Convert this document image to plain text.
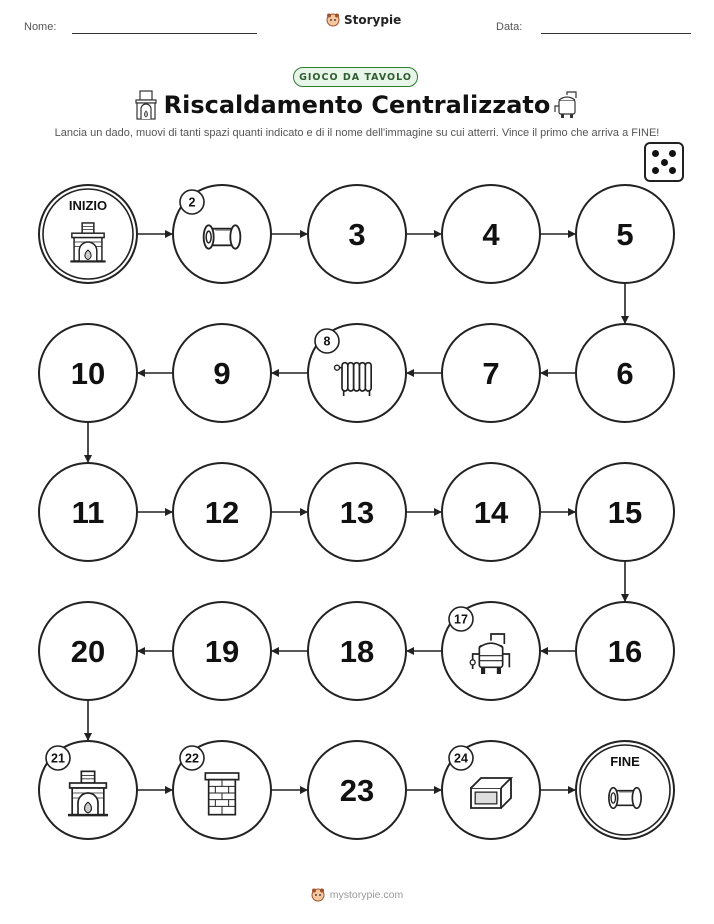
Nome:	Storypie	Data:
GIOCO DA TAVOLO
Riscaldamento Centralizzato
Lancia un dado, muovi di tanti spazi quanti indicato e di il nome dell'immagine su cui atterri. Vince il primo che arriva a FINE!
INIZIO	2
3	4	5
6
7
8
9
10
11	12	13	14	15
16
17
18
19
20
21	22
23
24	FINE
mystorypie.com
